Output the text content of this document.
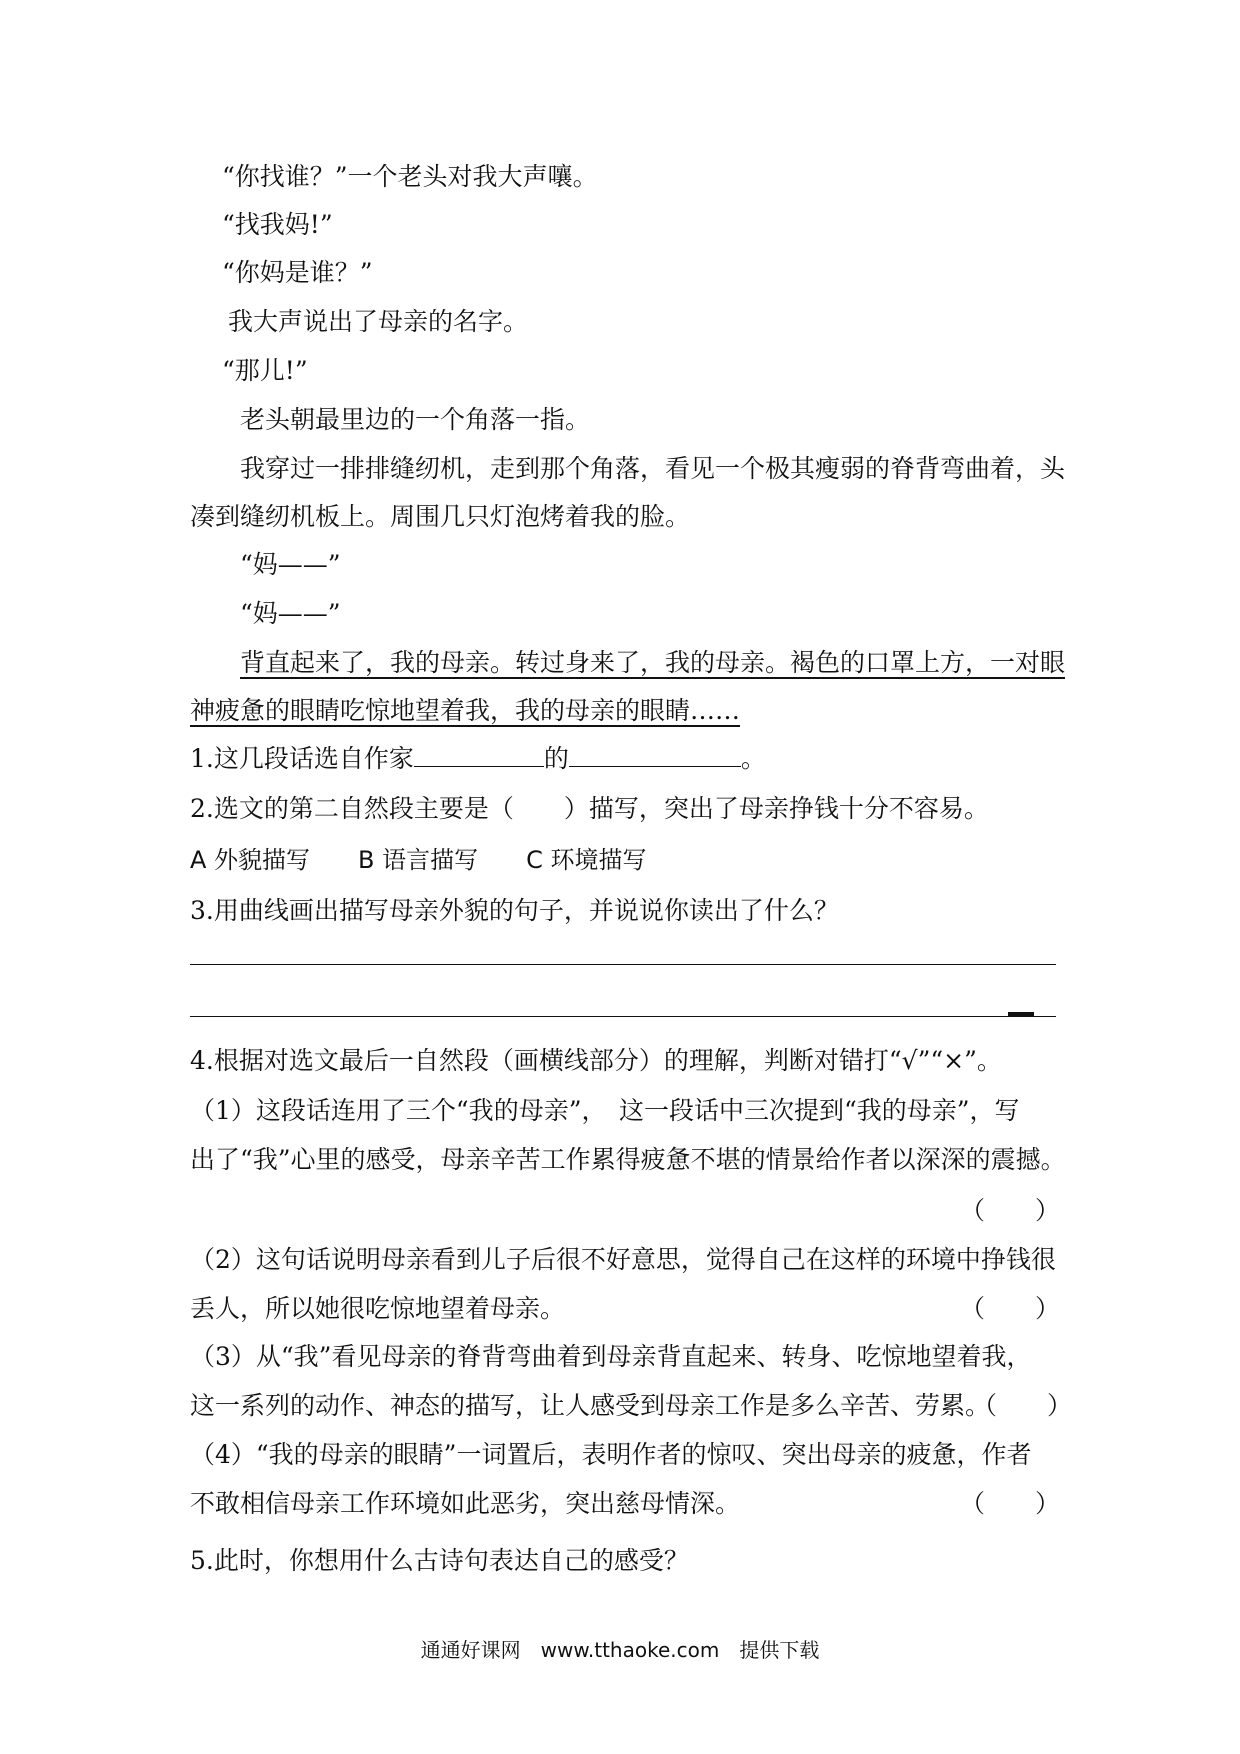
“你找谁？”一个老头对我大声嚷。
“找我妈!”
“你妈是谁？”
我大声说出了母亲的名字。
“那儿!”
老头朝最里边的一个角落一指。
我穿过一排排缝纫机，走到那个角落，看见一个极其瘦弱的脊背弯曲着，头
凑到缝纫机板上。周围几只灯泡烤着我的脸。
“妈——”
“妈——”
背直起来了，我的母亲。转过身来了，我的母亲。褐色的口罩上方，一对眼
神疲惫的眼睛吃惊地望着我，我的母亲的眼睛……
1.这几段话选自作家	的	。
2.选文的第二自然段主要是（　　）描写，突出了母亲挣钱十分不容易。
A 外貌描写　　B 语言描写　　C 环境描写
3.用曲线画出描写母亲外貌的句子，并说说你读出了什么？
4.根据对选文最后一自然段（画横线部分）的理解，判断对错打“√”“×”。
（1）这段话连用了三个“我的母亲”，　这一段话中三次提到“我的母亲”，写
出了“我”心里的感受，母亲辛苦工作累得疲惫不堪的情景给作者以深深的震撼。
（　　）
（2）这句话说明母亲看到儿子后很不好意思，觉得自己在这样的环境中挣钱很
丢人，所以她很吃惊地望着母亲。	（　　）
（3）从“我”看见母亲的脊背弯曲着到母亲背直起来、转身、吃惊地望着我，
这一系列的动作、神态的描写，让人感受到母亲工作是多么辛苦、劳累。
（　　）
（4）“我的母亲的眼睛”一词置后，表明作者的惊叹、突出母亲的疲惫，作者
不敢相信母亲工作环境如此恶劣，突出慈母情深。	（　　）
5.此时，你想用什么古诗句表达自己的感受？
通通好课网　www.tthaoke.com　提供下载
